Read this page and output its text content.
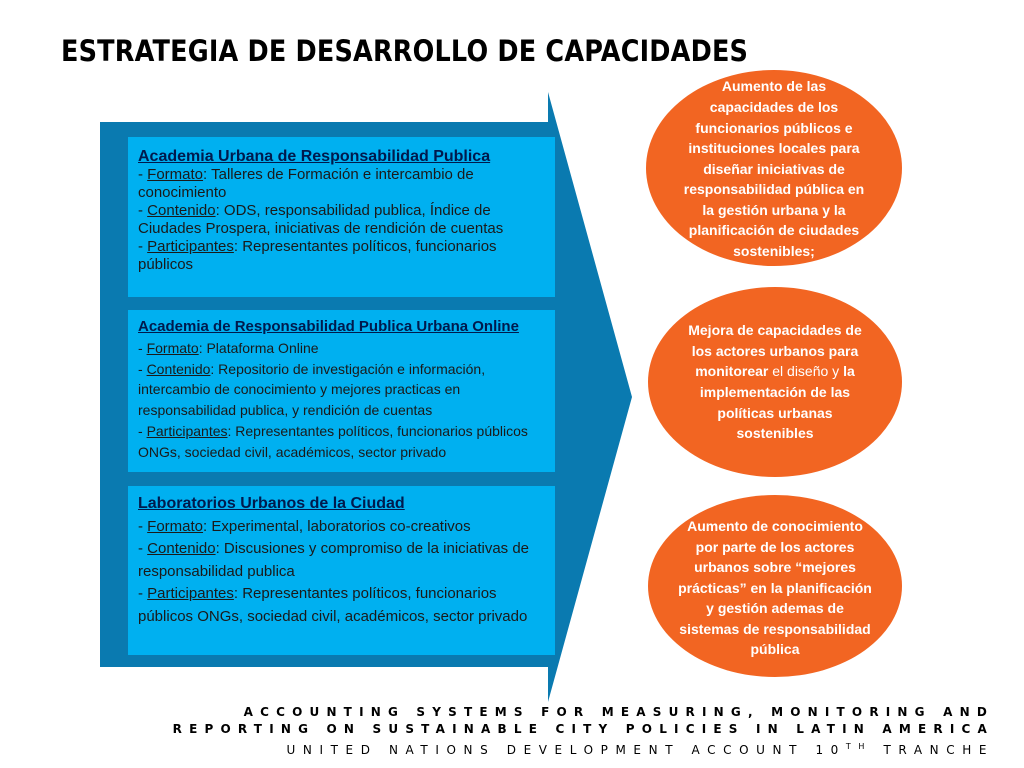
ESTRATEGIA DE DESARROLLO DE CAPACIDADES
Academia Urbana de Responsabilidad Publica
- Formato: Talleres de Formación e intercambio de conocimiento
- Contenido: ODS, responsabilidad publica, Índice de Ciudades Prospera, iniciativas de rendición de cuentas
- Participantes: Representantes políticos, funcionarios públicos
Academia de Responsabilidad Publica Urbana Online
- Formato: Plataforma Online
- Contenido: Repositorio de investigación e información, intercambio de conocimiento y mejores practicas en responsabilidad publica, y rendición de cuentas
- Participantes: Representantes políticos, funcionarios públicos ONGs, sociedad civil, académicos, sector privado
Laboratorios Urbanos de la Ciudad
- Formato: Experimental, laboratorios co-creativos
- Contenido: Discusiones y compromiso de la iniciativas de responsabilidad publica
- Participantes: Representantes políticos, funcionarios públicos ONGs, sociedad civil, académicos, sector privado
Aumento de las capacidades de los funcionarios públicos e instituciones locales para diseñar iniciativas de responsabilidad pública en la gestión urbana y la planificación de ciudades sostenibles;
Mejora de capacidades de los actores urbanos para monitorear el diseño y la implementación de las políticas urbanas sostenibles
Aumento de conocimiento por parte de los actores urbanos sobre “mejores prácticas” en la planificación y gestión ademas de sistemas de responsabilidad pública
ACCOUNTING SYSTEMS FOR MEASURING, MONITORING AND
REPORTING ON SUSTAINABLE CITY POLICIES IN LATIN AMERICA
UNITED NATIONS DEVELOPMENT ACCOUNT 10TH TRANCHE
